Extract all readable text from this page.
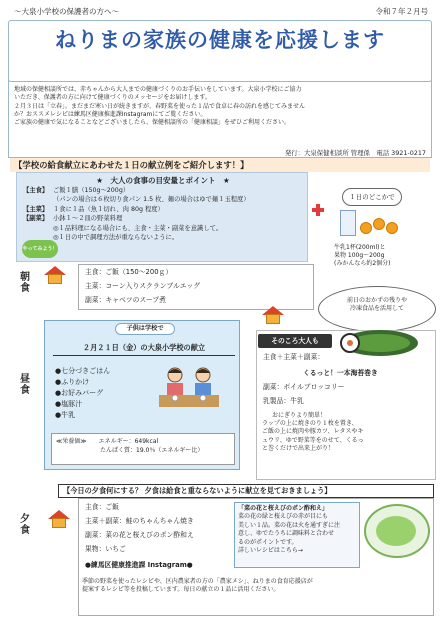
〜大泉小学校の保護者の方へ〜	令和７年２月号
ねりまの家族の健康を応援します

地域の保健相談所では、赤ちゃんから大人までの健康づくりのお手伝いをしています。大泉小学校にご協力

いただき、保護者の方に向けて健康づくりのメッセージをお届けします。

２月３日は「立春」。まだまだ寒い日が続きますが、春野菜を使った１品で食卓に春の訪れを感じてみません

か？おススメレシピは練馬区健康推進課Instagramにてご覧ください。

ご家族の健康で気になることなどございましたら、保健相談所の「健康相談」をぜひご利用ください。

発行：大泉保健相談所 管理係　電話 3921-0217
【学校の給食献立にあわせた１日の献立例をご紹介します！】
★　大人の食事の目安量とポイント　★
【主食】 ご飯１膳（150g〜200g）
（パンの場合は６枚切り食パン 1.5 枚、麺の場合はゆで麺１玉程度）
【主菜】 １食に１品（魚１切れ、肉 80g 程度）
【副菜】 小鉢１〜２皿の野菜料理
◎１品料理になる場合にも、主食・主菜・副菜を意識して。
◎１日の中で調理方法が重ならないように。
やってみよう！
１日のどこかで
牛乳1杯(200ml)と
果物 100g〜200g
(みかんなら約2個分)
朝
食
主食：ご飯（150〜200ｇ）
主菜：コーン入りスクランブルエッグ
副菜：キャベツのスープ煮	前日のおかずの残りや
冷凍食品を活用して
昼
食
子供は学校で
２月２１日（金）の大泉小学校の献立
●七分づきごはん
●ふりかけ
●お好みバーグ
●塩豚汁
●牛乳
≪栄養価≫　　 エネルギー：649kcal
たんぱく質：19.0％（エネルギー比）
主食＋主菜＋副菜：
くるっと！一本海苔巻き
副菜：ボイルブロッコリー
乳製品：牛乳
そのころ大人も
おにぎりより簡単！
ラップの上に焼きのり１枚を置き、
ご飯の上に焼肉や豚カツ、レタスやキ
ュウリ、ゆで野菜等をのせて、くるっ
と巻くだけで出来上がり！
【今日の夕食何にする？ 夕食は給食と重ならないように献立を見ておきましょう】
夕
食
主食：ご飯
主菜＋副菜：鮭のちゃんちゃん焼き
副菜：菜の花と桜えびのポン酢和え
果物：いちご
●練馬区健康推進課 Instagram●
「菜の花と桜えびのポン酢和え」
菜の花の緑と桜えびの赤が目にも
美しい１品。菜の花は火を通すぎに注
意し、ゆでたうちに調味料と合わせ
るのがポイントです。
詳しいレシピはこちら→
季節の野菜を使ったレシピや、区内農家者の方の「農家メシ」、ねりまの食育応援店が
提案するレシピ等を投稿しています。毎日の献立の１品に活用ください。
